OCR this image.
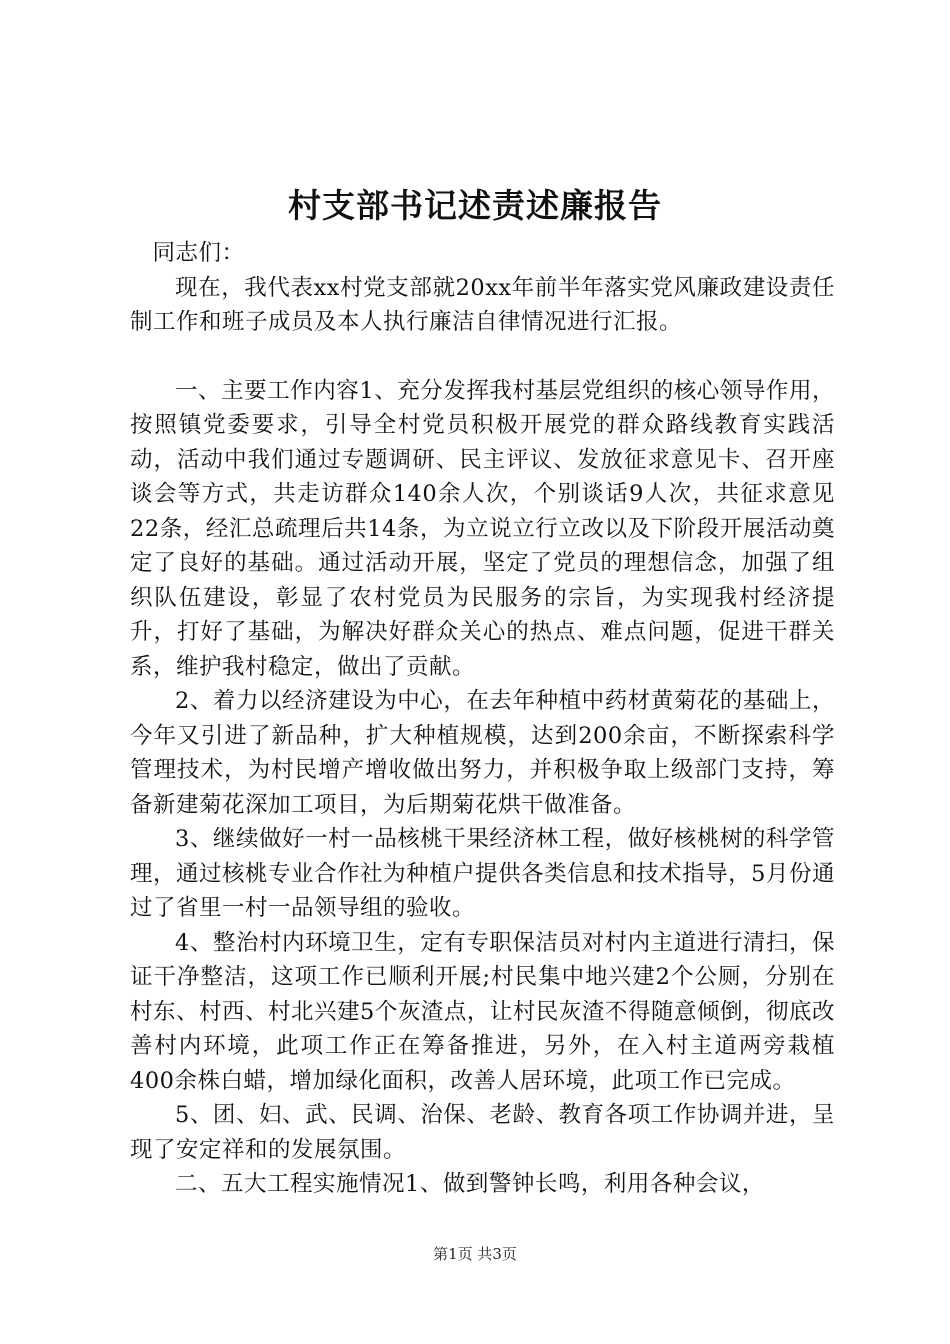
村支部书记述责述廉报告

同志们：

现在，我代表xx村党支部就20xx年前半年落实党风廉政建设责任制工作和班子成员及本人执行廉洁自律情况进行汇报。

一、主要工作内容1、充分发挥我村基层党组织的核心领导作用，按照镇党委要求，引导全村党员积极开展党的群众路线教育实践活动，活动中我们通过专题调研、民主评议、发放征求意见卡、召开座谈会等方式，共走访群众140余人次，个别谈话9人次，共征求意见22条，经汇总疏理后共14条，为立说立行立改以及下阶段开展活动奠定了良好的基础。通过活动开展，坚定了党员的理想信念，加强了组织队伍建设，彰显了农村党员为民服务的宗旨，为实现我村经济提升，打好了基础，为解决好群众关心的热点、难点问题，促进干群关系，维护我村稳定，做出了贡献。

2、着力以经济建设为中心，在去年种植中药材黄菊花的基础上，今年又引进了新品种，扩大种植规模，达到200余亩，不断探索科学管理技术，为村民增产增收做出努力，并积极争取上级部门支持，筹备新建菊花深加工项目，为后期菊花烘干做准备。

3、继续做好一村一品核桃干果经济林工程，做好核桃树的科学管理，通过核桃专业合作社为种植户提供各类信息和技术指导，5月份通过了省里一村一品领导组的验收。

4、整治村内环境卫生，定有专职保洁员对村内主道进行清扫，保证干净整洁，这项工作已顺利开展;村民集中地兴建2个公厕，分别在村东、村西、村北兴建5个灰渣点，让村民灰渣不得随意倾倒，彻底改善村内环境，此项工作正在筹备推进，另外，在入村主道两旁栽植400余株白蜡，增加绿化面积，改善人居环境，此项工作已完成。

5、团、妇、武、民调、治保、老龄、教育各项工作协调并进，呈现了安定祥和的发展氛围。

二、五大工程实施情况1、做到警钟长鸣，利用各种会议，

第1页 共3页
